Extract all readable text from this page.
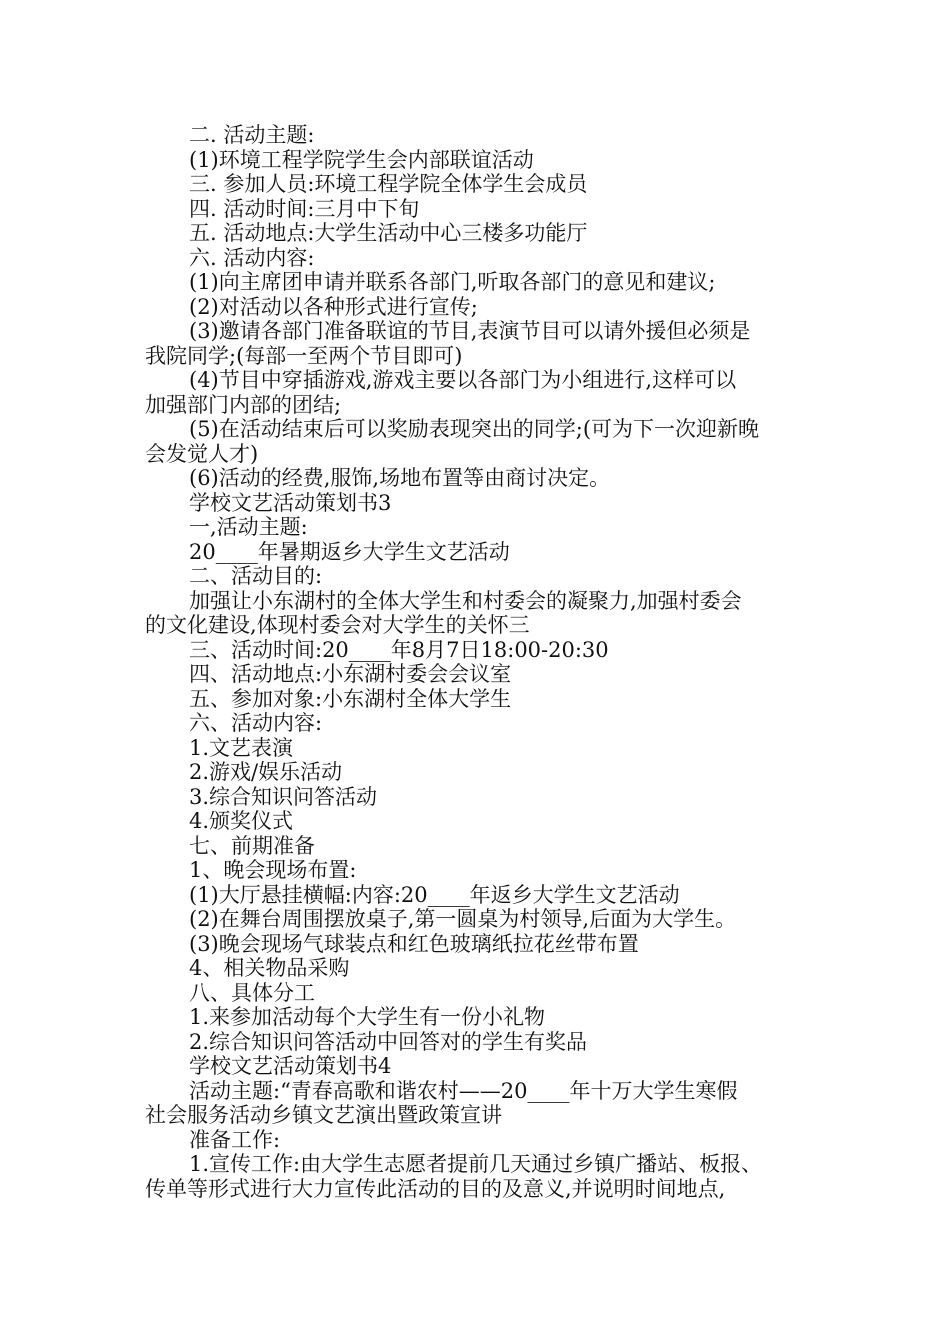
二. 活动主题:
(1)环境工程学院学生会内部联谊活动
三. 参加人员:环境工程学院全体学生会成员
四. 活动时间:三月中下旬
五. 活动地点:大学生活动中心三楼多功能厅
六. 活动内容:
(1)向主席团申请并联系各部门,听取各部门的意见和建议;
(2)对活动以各种形式进行宣传;
(3)邀请各部门准备联谊的节目,表演节目可以请外援但必须是
我院同学;(每部一至两个节目即可)
(4)节目中穿插游戏,游戏主要以各部门为小组进行,这样可以
加强部门内部的团结;
(5)在活动结束后可以奖励表现突出的同学;(可为下一次迎新晚
会发觉人才)
(6)活动的经费,服饰,场地布置等由商讨决定。
学校文艺活动策划书3
一,活动主题:
20____年暑期返乡大学生文艺活动
二、活动目的:
加强让小东湖村的全体大学生和村委会的凝聚力,加强村委会
的文化建设,体现村委会对大学生的关怀三
三、活动时间:20____年8月7日18:00-20:30
四、活动地点:小东湖村委会会议室
五、参加对象:小东湖村全体大学生
六、活动内容:
1.文艺表演
2.游戏/娱乐活动
3.综合知识问答活动
4.颁奖仪式
七、前期准备
1、晚会现场布置:
(1)大厅悬挂横幅:内容:20____年返乡大学生文艺活动
(2)在舞台周围摆放桌子,第一圆桌为村领导,后面为大学生。
(3)晚会现场气球装点和红色玻璃纸拉花丝带布置
4、相关物品采购
八、具体分工
1.来参加活动每个大学生有一份小礼物
2.综合知识问答活动中回答对的学生有奖品
学校文艺活动策划书4
活动主题:“青春高歌和谐农村——20____年十万大学生寒假
社会服务活动乡镇文艺演出暨政策宣讲
准备工作:
1.宣传工作:由大学生志愿者提前几天通过乡镇广播站、板报、
传单等形式进行大力宣传此活动的目的及意义,并说明时间地点,
